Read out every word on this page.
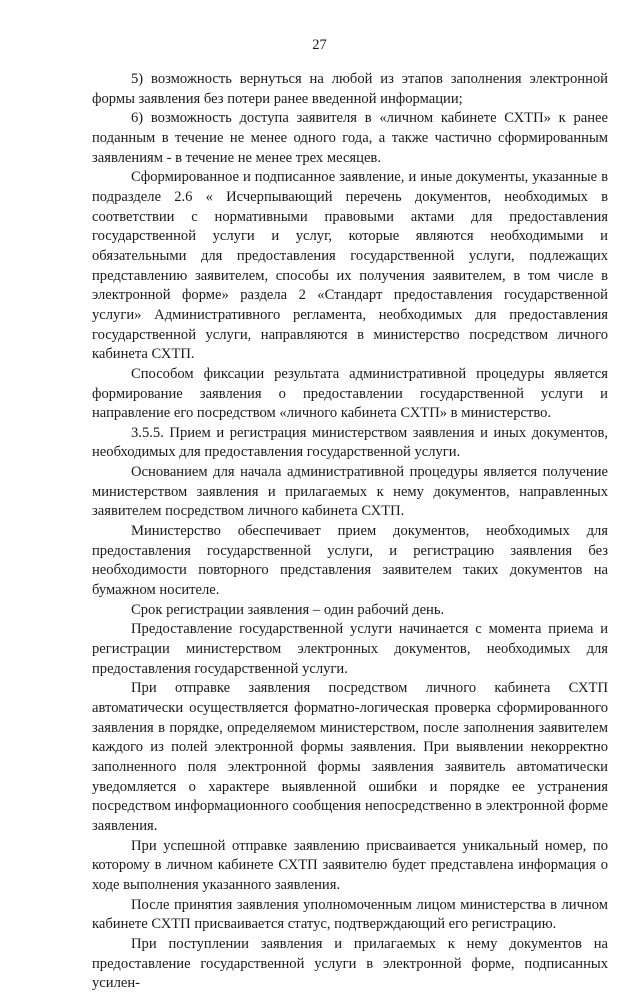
27

5) возможность вернуться на любой из этапов заполнения электронной формы заявления без потери ранее введенной информации;

6) возможность доступа заявителя в «личном кабинете СХТП» к ранее поданным в течение не менее одного года, а также частично сформированным заявлениям - в течение не менее трех месяцев.

Сформированное и подписанное заявление, и иные документы, указанные в подразделе 2.6 « Исчерпывающий перечень документов, необходимых в соответствии с нормативными правовыми актами для предоставления государственной услуги и услуг, которые являются необходимыми и обязательными для предоставления государственной услуги, подлежащих представлению заявителем, способы их получения заявителем, в том числе в электронной форме» раздела 2 «Стандарт предоставления государственной услуги» Административного регламента, необходимых для предоставления государственной услуги, направляются в министерство посредством личного кабинета СХТП.

Способом фиксации результата административной процедуры является формирование заявления о предоставлении государственной услуги и направление его посредством «личного кабинета СХТП» в министерство.

3.5.5. Прием и регистрация министерством заявления и иных документов, необходимых для предоставления государственной услуги.

Основанием для начала административной процедуры является получение министерством заявления и прилагаемых к нему документов, направленных заявителем посредством личного кабинета СХТП.

Министерство обеспечивает прием документов, необходимых для предоставления государственной услуги, и регистрацию заявления без необходимости повторного представления заявителем таких документов на бумажном носителе.

Срок регистрации заявления – один рабочий день.

Предоставление государственной услуги начинается с момента приема и регистрации министерством электронных документов, необходимых для предоставления государственной услуги.

При отправке заявления посредством личного кабинета СХТП автоматически осуществляется форматно-логическая проверка сформированного заявления в порядке, определяемом министерством, после заполнения заявителем каждого из полей электронной формы заявления. При выявлении некорректно заполненного поля электронной формы заявления заявитель автоматически уведомляется о характере выявленной ошибки и порядке ее устранения посредством информационного сообщения непосредственно в электронной форме заявления.

При успешной отправке заявлению присваивается уникальный номер, по которому в личном кабинете СХТП заявителю будет представлена информация о ходе выполнения указанного заявления.

После принятия заявления уполномоченным лицом министерства в личном кабинете СХТП присваивается статус, подтверждающий его регистрацию.

При поступлении заявления и прилагаемых к нему документов на предоставление государственной услуги в электронной форме, подписанных усилен-
